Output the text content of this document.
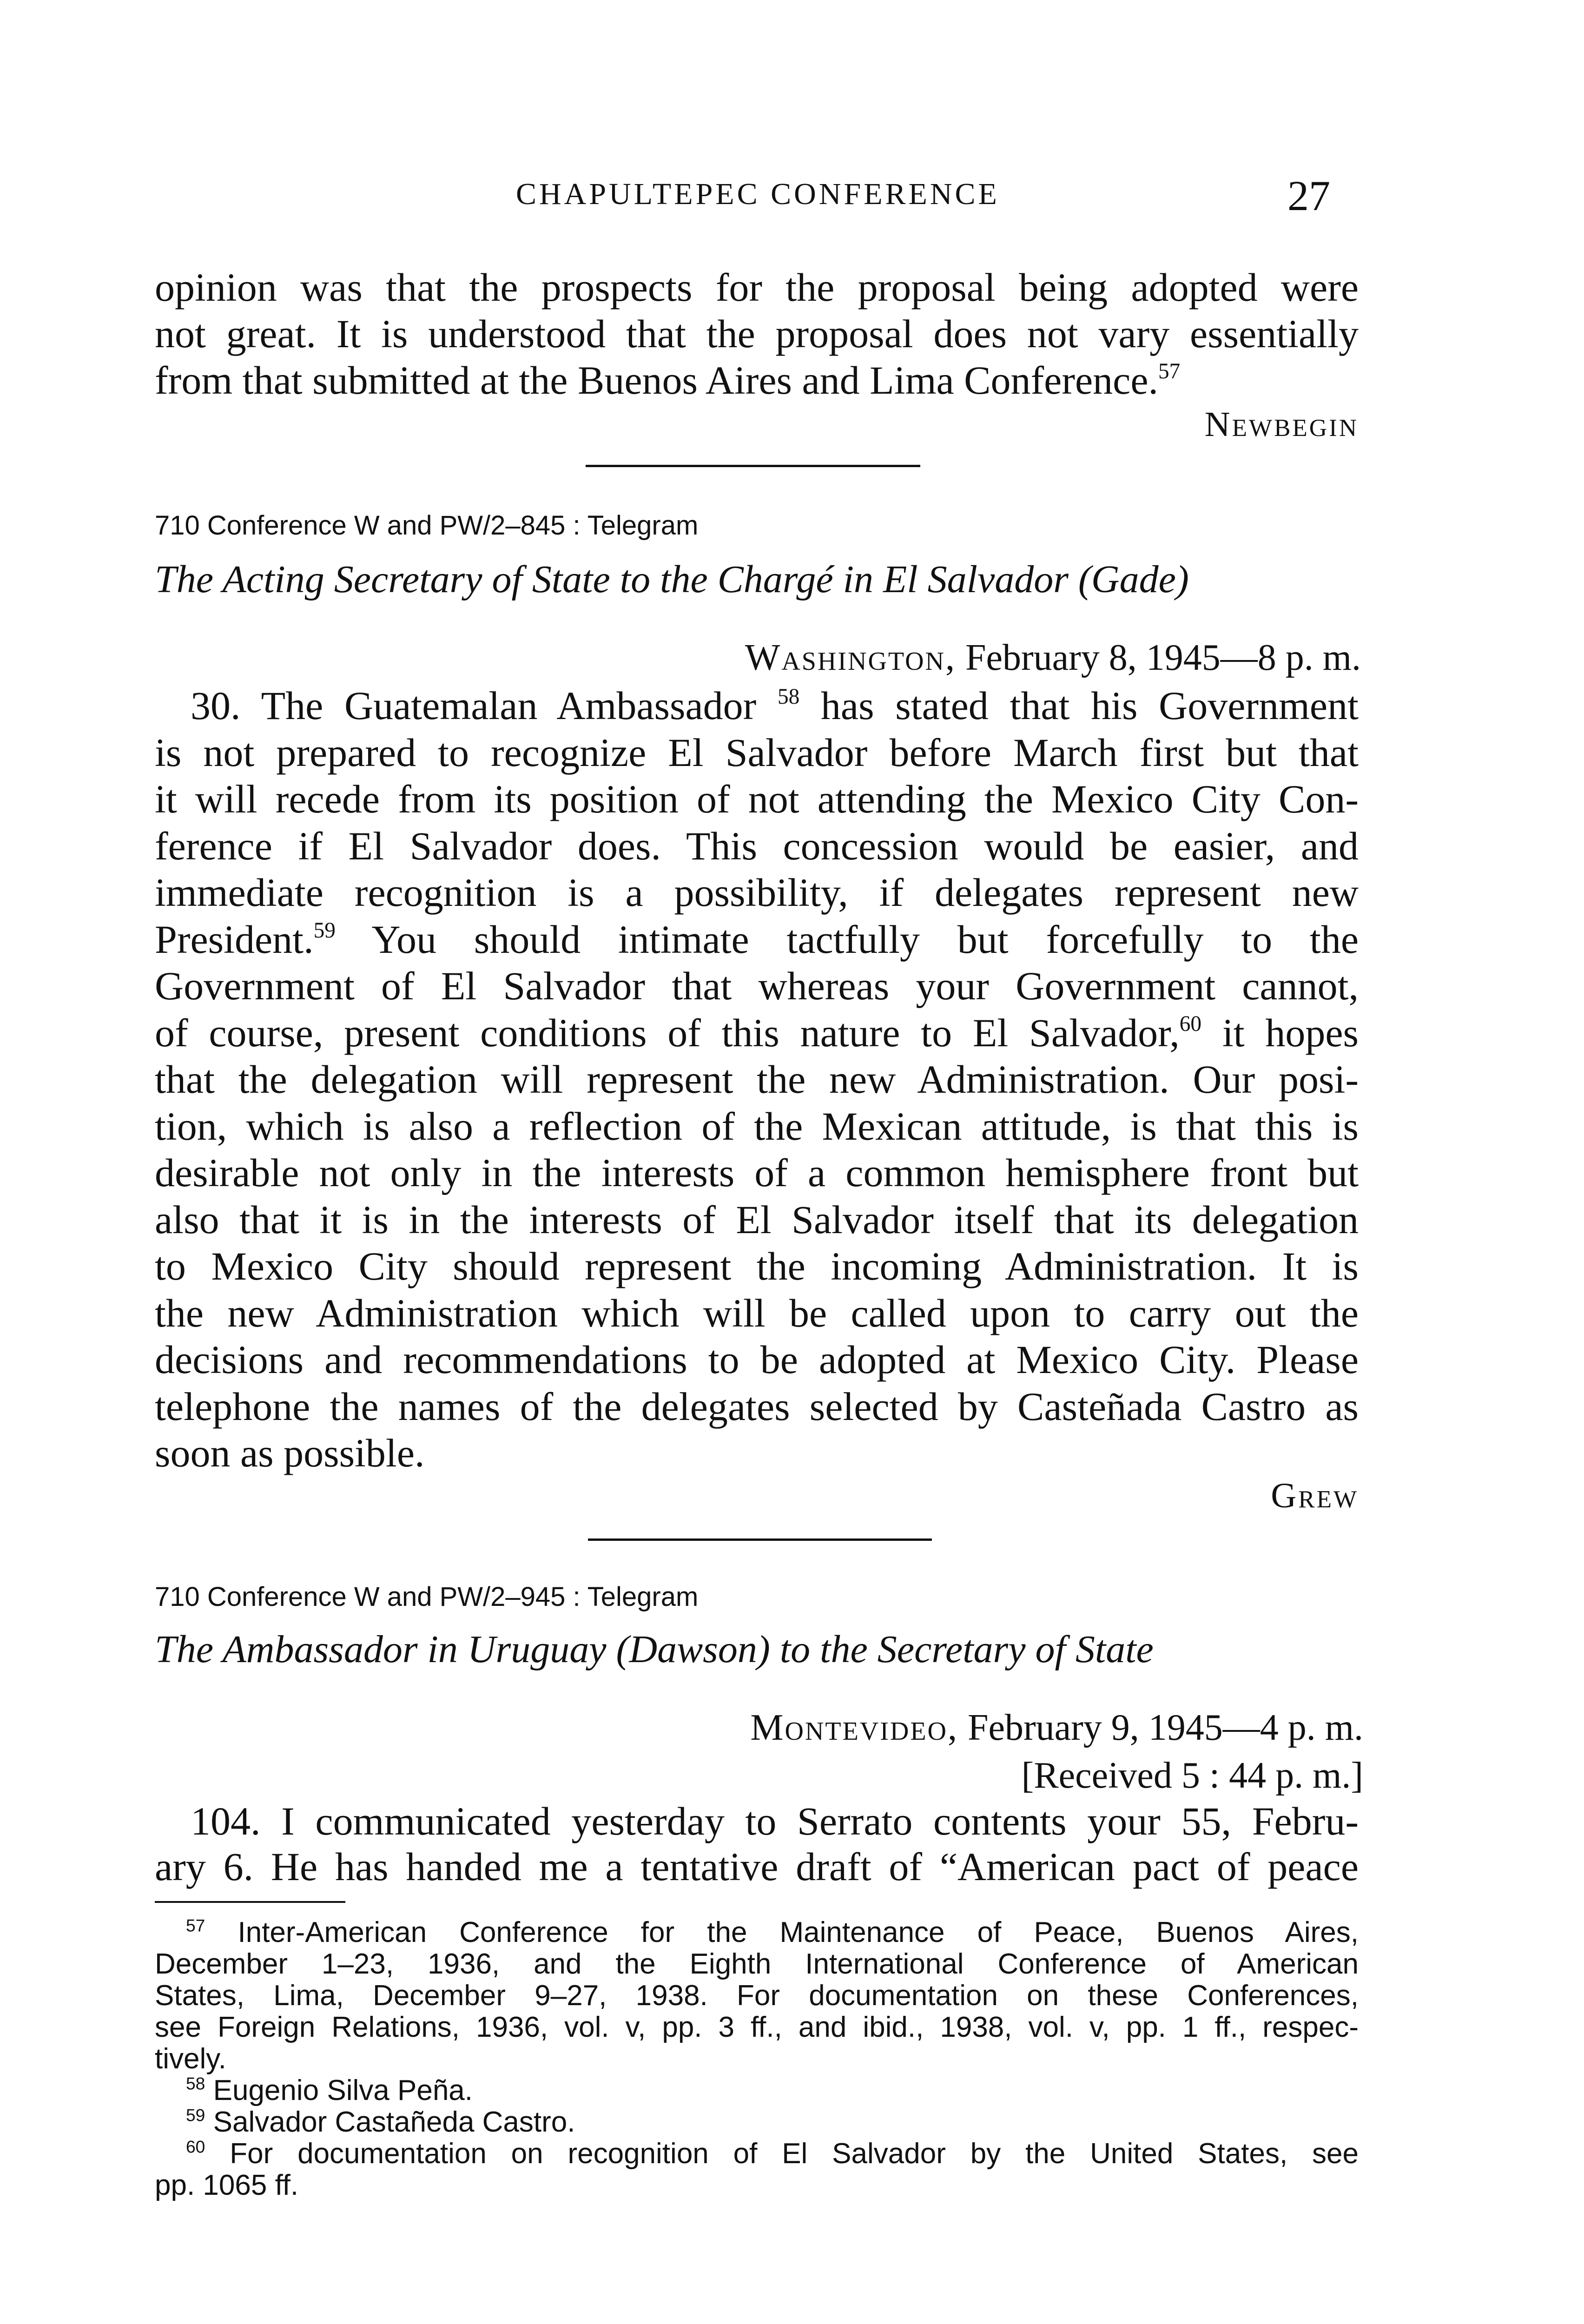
CHAPULTEPEC CONFERENCE	27
opinion was that the prospects for the proposal being adopted were
not great. It is understood that the proposal does not vary essentially
from that submitted at the Buenos Aires and Lima Conference.$^{57}$
Newbegin
710 Conference W and PW/2–845 : Telegram
The Acting Secretary of State to the Chargé in El Salvador (Gade)
Washington, February 8, 1945—8 p. m.
30. The Guatemalan Ambassador $^{58}$ has stated that his Government
is not prepared to recognize El Salvador before March first but that
it will recede from its position of not attending the Mexico City Con-
ference if El Salvador does. This concession would be easier, and
immediate recognition is a possibility, if delegates represent new
President.$^{59}$ You should intimate tactfully but forcefully to the
Government of El Salvador that whereas your Government cannot,
of course, present conditions of this nature to El Salvador,$^{60}$ it hopes
that the delegation will represent the new Administration. Our posi-
tion, which is also a reflection of the Mexican attitude, is that this is
desirable not only in the interests of a common hemisphere front but
also that it is in the interests of El Salvador itself that its delegation
to Mexico City should represent the incoming Administration. It is
the new Administration which will be called upon to carry out the
decisions and recommendations to be adopted at Mexico City. Please
telephone the names of the delegates selected by Casteñada Castro as
soon as possible.
Grew
710 Conference W and PW/2–945 : Telegram
The Ambassador in Uruguay (Dawson) to the Secretary of State
Montevideo, February 9, 1945—4 p. m.
[Received 5 : 44 p. m.]
104. I communicated yesterday to Serrato contents your 55, Febru-
ary 6. He has handed me a tentative draft of “American pact of peace
$^{57}$ Inter-American Conference for the Maintenance of Peace, Buenos Aires,
December 1–23, 1936, and the Eighth International Conference of American
States, Lima, December 9–27, 1938. For documentation on these Conferences,
see Foreign Relations, 1936, vol. v, pp. 3 ff., and ibid., 1938, vol. v, pp. 1 ff., respec-
tively.
$^{58}$ Eugenio Silva Peña.
$^{59}$ Salvador Castañeda Castro.
$^{60}$ For documentation on recognition of El Salvador by the United States, see
pp. 1065 ff.
